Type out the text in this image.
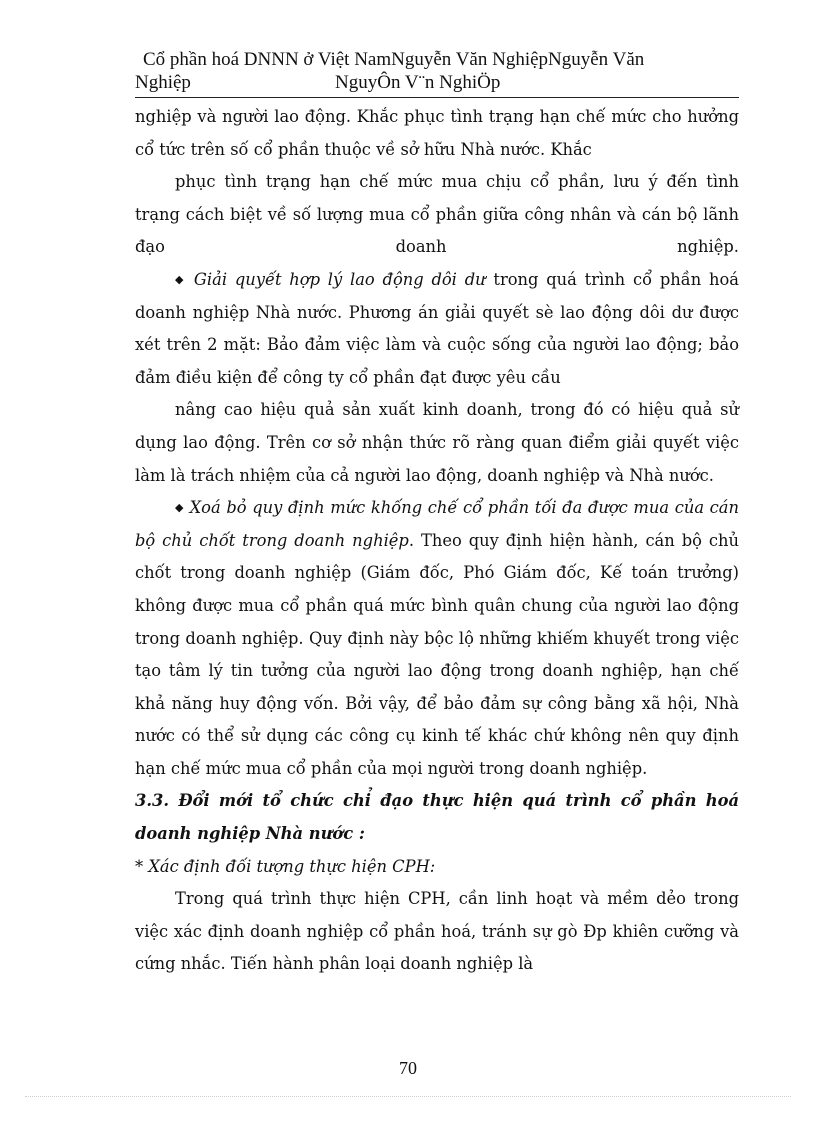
Cổ phần hoá DNNN ở Việt NamNguyễn Văn NghiệpNguyễn Văn
Nghiệp	NguyÔn V¨n NghiÖp

nghiệp và người lao động. Khắc phục tình trạng hạn chế mức cho hưởng cổ tức trên số cổ phần thuộc về sở hữu Nhà nước. Khắc

phục tình trạng hạn chế mức mua chịu cổ phần, lưu ý đến tình trạng cách biệt về số lượng mua cổ phần giữa công nhân và cán bộ lãnh đạo doanh nghiệp.

◆ Giải quyết hợp lý lao động dôi dư trong quá trình cổ phần hoá doanh nghiệp Nhà nước. Phương án giải quyết sè lao động dôi dư được xét trên 2 mặt: Bảo đảm việc làm và cuộc sống của người lao động; bảo đảm điều kiện để công ty cổ phần đạt được yêu cầu

nâng cao hiệu quả sản xuất kinh doanh, trong đó có hiệu quả sử dụng lao động. Trên cơ sở nhận thức rõ ràng quan điểm giải quyết việc làm là trách nhiệm của cả người lao động, doanh nghiệp và Nhà nước.

◆ Xoá bỏ quy định mức khống chế cổ phần tối đa được mua của cán bộ chủ chốt trong doanh nghiệp. Theo quy định hiện hành, cán bộ chủ chốt trong doanh nghiệp (Giám đốc, Phó Giám đốc, Kế toán trưởng) không được mua cổ phần quá mức bình quân chung của người lao động trong doanh nghiệp. Quy định này bộc lộ những khiếm khuyết trong việc tạo tâm lý tin tưởng của người lao động trong doanh nghiệp, hạn chế khả năng huy động vốn. Bởi vậy, để bảo đảm sự công bằng xã hội, Nhà nước có thể sử dụng các công cụ kinh tế khác chứ không nên quy định hạn chế mức mua cổ phần của mọi người trong doanh nghiệp.

3.3. Đổi mới tổ chức chỉ đạo thực hiện quá trình cổ phần hoá doanh nghiệp Nhà nước :

* Xác định đối tượng thực hiện CPH:

Trong quá trình thực hiện CPH, cần linh hoạt và mềm dẻo trong việc xác định doanh nghiệp cổ phần hoá, tránh sự gò Ðp khiên cưỡng và cứng nhắc. Tiến hành phân loại doanh nghiệp là

70
